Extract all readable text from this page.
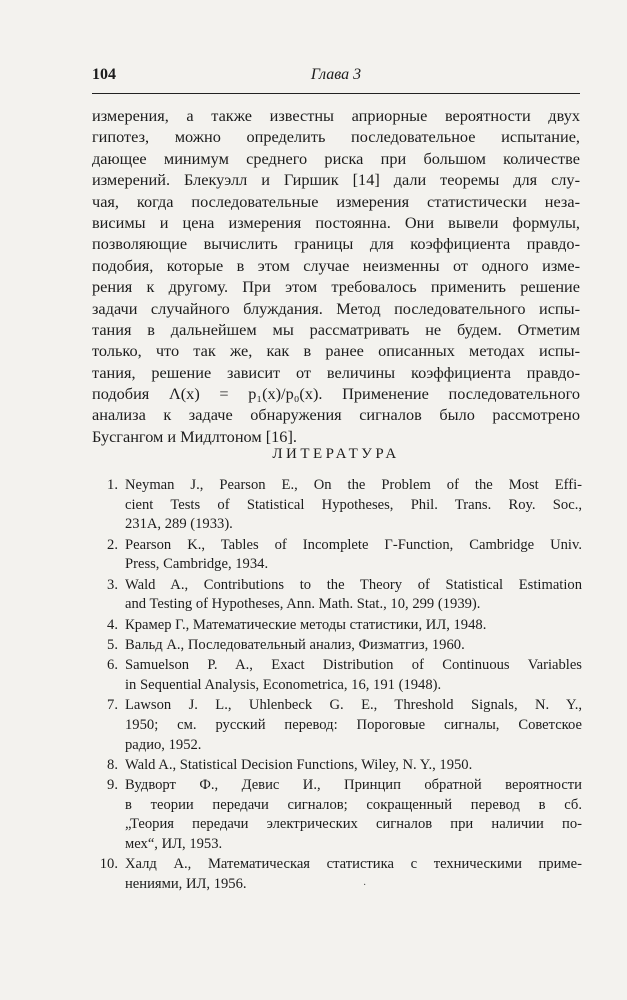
Глава 3
104
измерения, а также известны априорные вероятности двух
гипотез, можно определить последовательное испытание,
дающее минимум среднего риска при большом количестве
измерений. Блекуэлл и Гиршик [14] дали теоремы для слу-
чая, когда последовательные измерения статистически неза-
висимы и цена измерения постоянна. Они вывели формулы,
позволяющие вычислить границы для коэффициента правдо-
подобия, которые в этом случае неизменны от одного изме-
рения к другому. При этом требовалось применить решение
задачи случайного блуждания. Метод последовательного испы-
тания в дальнейшем мы рассматривать не будем. Отметим
только, что так же, как в ранее описанных методах испы-
тания, решение зависит от величины коэффициента правдо-
подобия Λ(x) = p₁(x)/p₀(x). Применение последовательного
анализа к задаче обнаружения сигналов было рассмотрено
Бусгангом и Мидлтоном [16].
ЛИТЕРАТУРА
1. Neyman J., Pearson E., On the Problem of the Most Effi-
cient Tests of Statistical Hypotheses, Phil. Trans. Roy. Soc.,
231A, 289 (1933).
2. Pearson K., Tables of Incomplete Γ-Function, Cambridge Univ.
Press, Cambridge, 1934.
3. Wald A., Contributions to the Theory of Statistical Estimation
and Testing of Hypotheses, Ann. Math. Stat., 10, 299 (1939).
4. Крамер Г., Математические методы статистики, ИЛ, 1948.
5. Вальд А., Последовательный анализ, Физматгиз, 1960.
6. Samuelson P. A., Exact Distribution of Continuous Variables
in Sequential Analysis, Econometrica, 16, 191 (1948).
7. Lawson J. L., Uhlenbeck G. E., Threshold Signals, N. Y.,
1950; см. русский перевод: Пороговые сигналы, Советское
радио, 1952.
8. Wald A., Statistical Decision Functions, Wiley, N. Y., 1950.
9. Вудворт Ф., Девис И., Принцип обратной вероятности
в теории передачи сигналов; сокращенный перевод в сб.
„Теория передачи электрических сигналов при наличии по-
мех“, ИЛ, 1953.
10. Халд А., Математическая статистика с техническими приме-
нениями, ИЛ, 1956.	·
